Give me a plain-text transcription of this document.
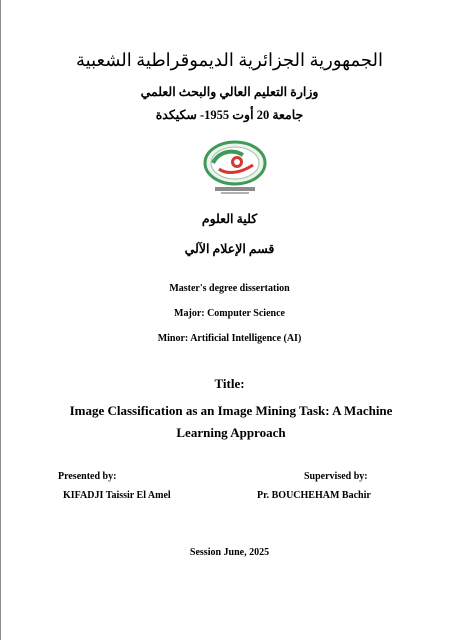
الجمهورية الجزائرية الديموقراطية الشعبية
وزارة التعليم العالي والبحث العلمي
جامعة 20 أوت 1955- سكيكدة
كلية العلوم
قسم الإعلام الآلي
Master's degree dissertation
Major: Computer Science
Minor: Artificial Intelligence (AI)
Title:
Image Classification as an Image Mining Task: A Machine Learning Approach
Presented by:
KIFADJI Taissir El Amel
Supervised by:
Pr. BOUCHEHAM Bachir
Session June, 2025
